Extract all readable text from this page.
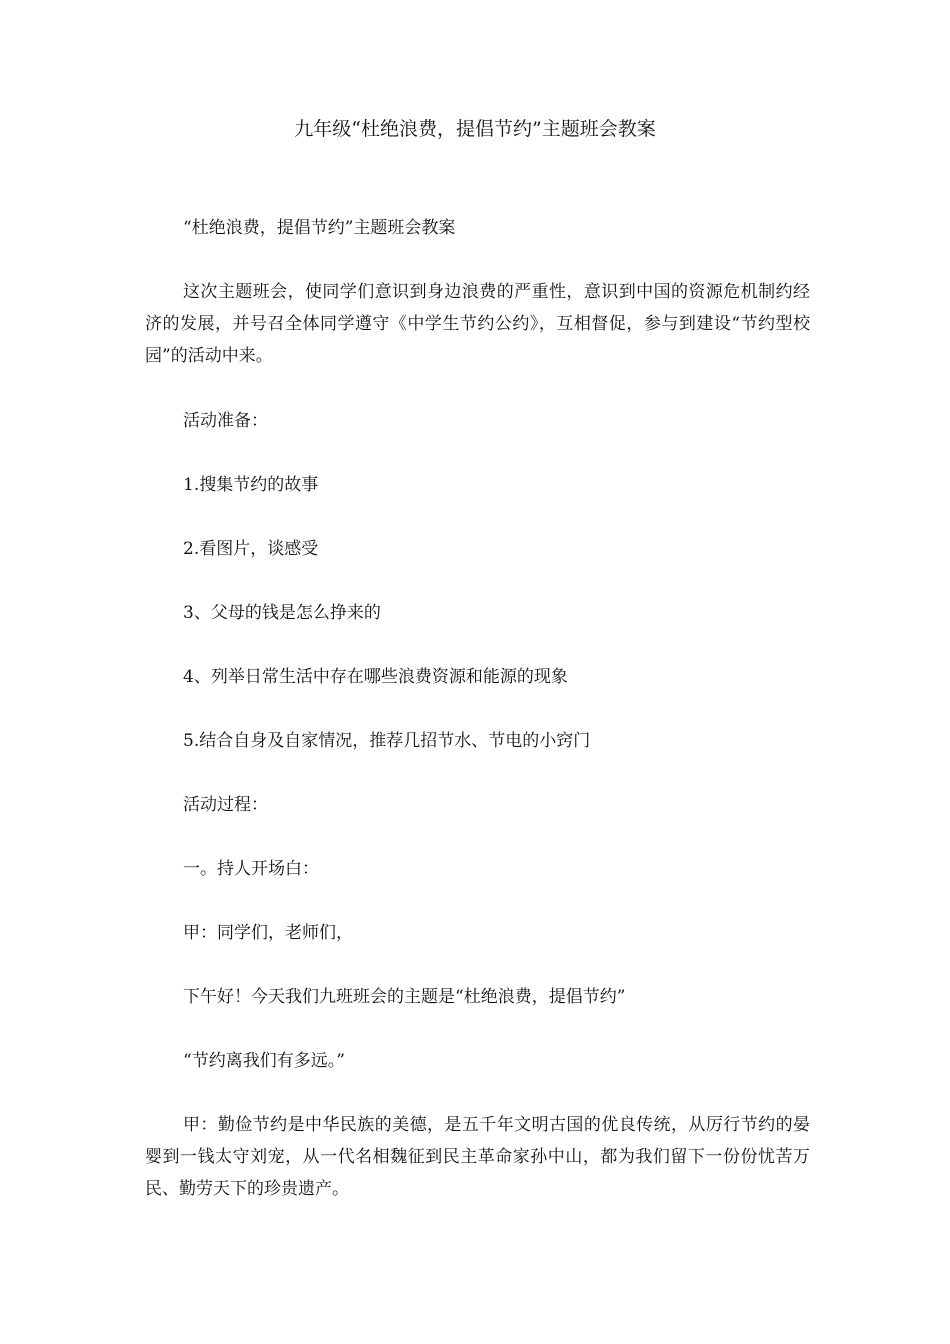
九年级“杜绝浪费，提倡节约”主题班会教案

“杜绝浪费，提倡节约”主题班会教案

这次主题班会，使同学们意识到身边浪费的严重性，意识到中国的资源危机制约经济的发展，并号召全体同学遵守《中学生节约公约》，互相督促，参与到建设“节约型校园”的活动中来。

活动准备：

1.搜集节约的故事

2.看图片，谈感受

3、父母的钱是怎么挣来的

4、列举日常生活中存在哪些浪费资源和能源的现象

5.结合自身及自家情况，推荐几招节水、节电的小窍门

活动过程：

一。持人开场白：

甲：同学们，老师们，

下午好！今天我们九班班会的主题是“杜绝浪费，提倡节约”

“节约离我们有多远。”

甲：勤俭节约是中华民族的美德，是五千年文明古国的优良传统，从厉行节约的晏婴到一钱太守刘宠，从一代名相魏征到民主革命家孙中山，都为我们留下一份份忧苦万民、勤劳天下的珍贵遗产。
